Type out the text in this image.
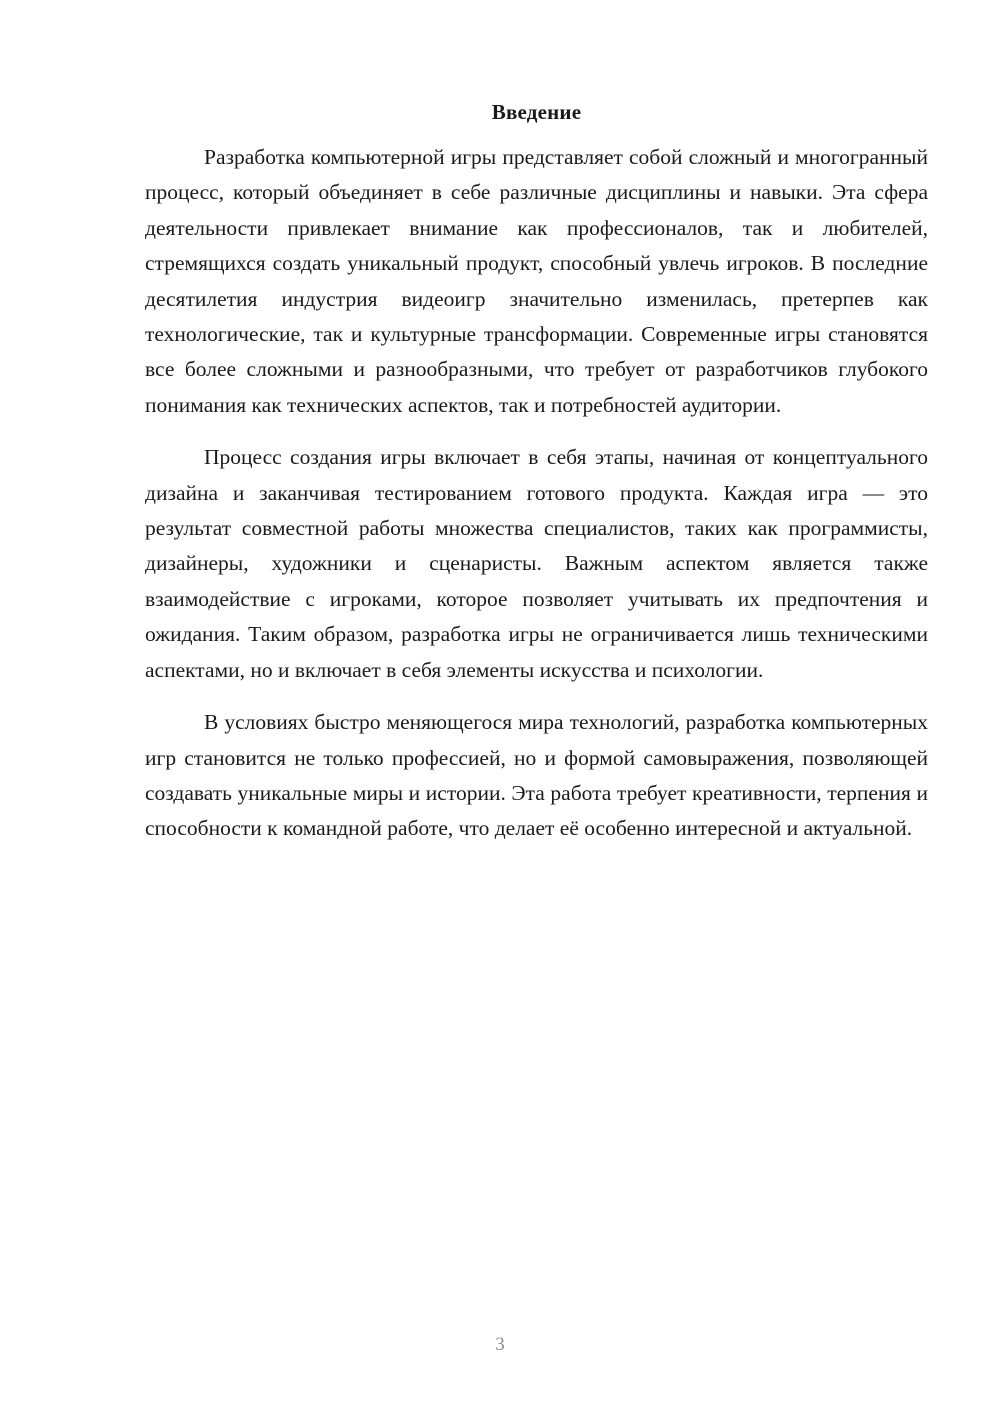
Введение

Разработка компьютерной игры представляет собой сложный и многогранный процесс, который объединяет в себе различные дисциплины и навыки. Эта сфера деятельности привлекает внимание как профессионалов, так и любителей, стремящихся создать уникальный продукт, способный увлечь игроков. В последние десятилетия индустрия видеоигр значительно изменилась, претерпев как технологические, так и культурные трансформации. Современные игры становятся все более сложными и разнообразными, что требует от разработчиков глубокого понимания как технических аспектов, так и потребностей аудитории.

Процесс создания игры включает в себя этапы, начиная от концептуального дизайна и заканчивая тестированием готового продукта. Каждая игра — это результат совместной работы множества специалистов, таких как программисты, дизайнеры, художники и сценаристы. Важным аспектом является также взаимодействие с игроками, которое позволяет учитывать их предпочтения и ожидания. Таким образом, разработка игры не ограничивается лишь техническими аспектами, но и включает в себя элементы искусства и психологии.

В условиях быстро меняющегося мира технологий, разработка компьютерных игр становится не только профессией, но и формой самовыражения, позволяющей создавать уникальные миры и истории. Эта работа требует креативности, терпения и способности к командной работе, что делает её особенно интересной и актуальной.

3
